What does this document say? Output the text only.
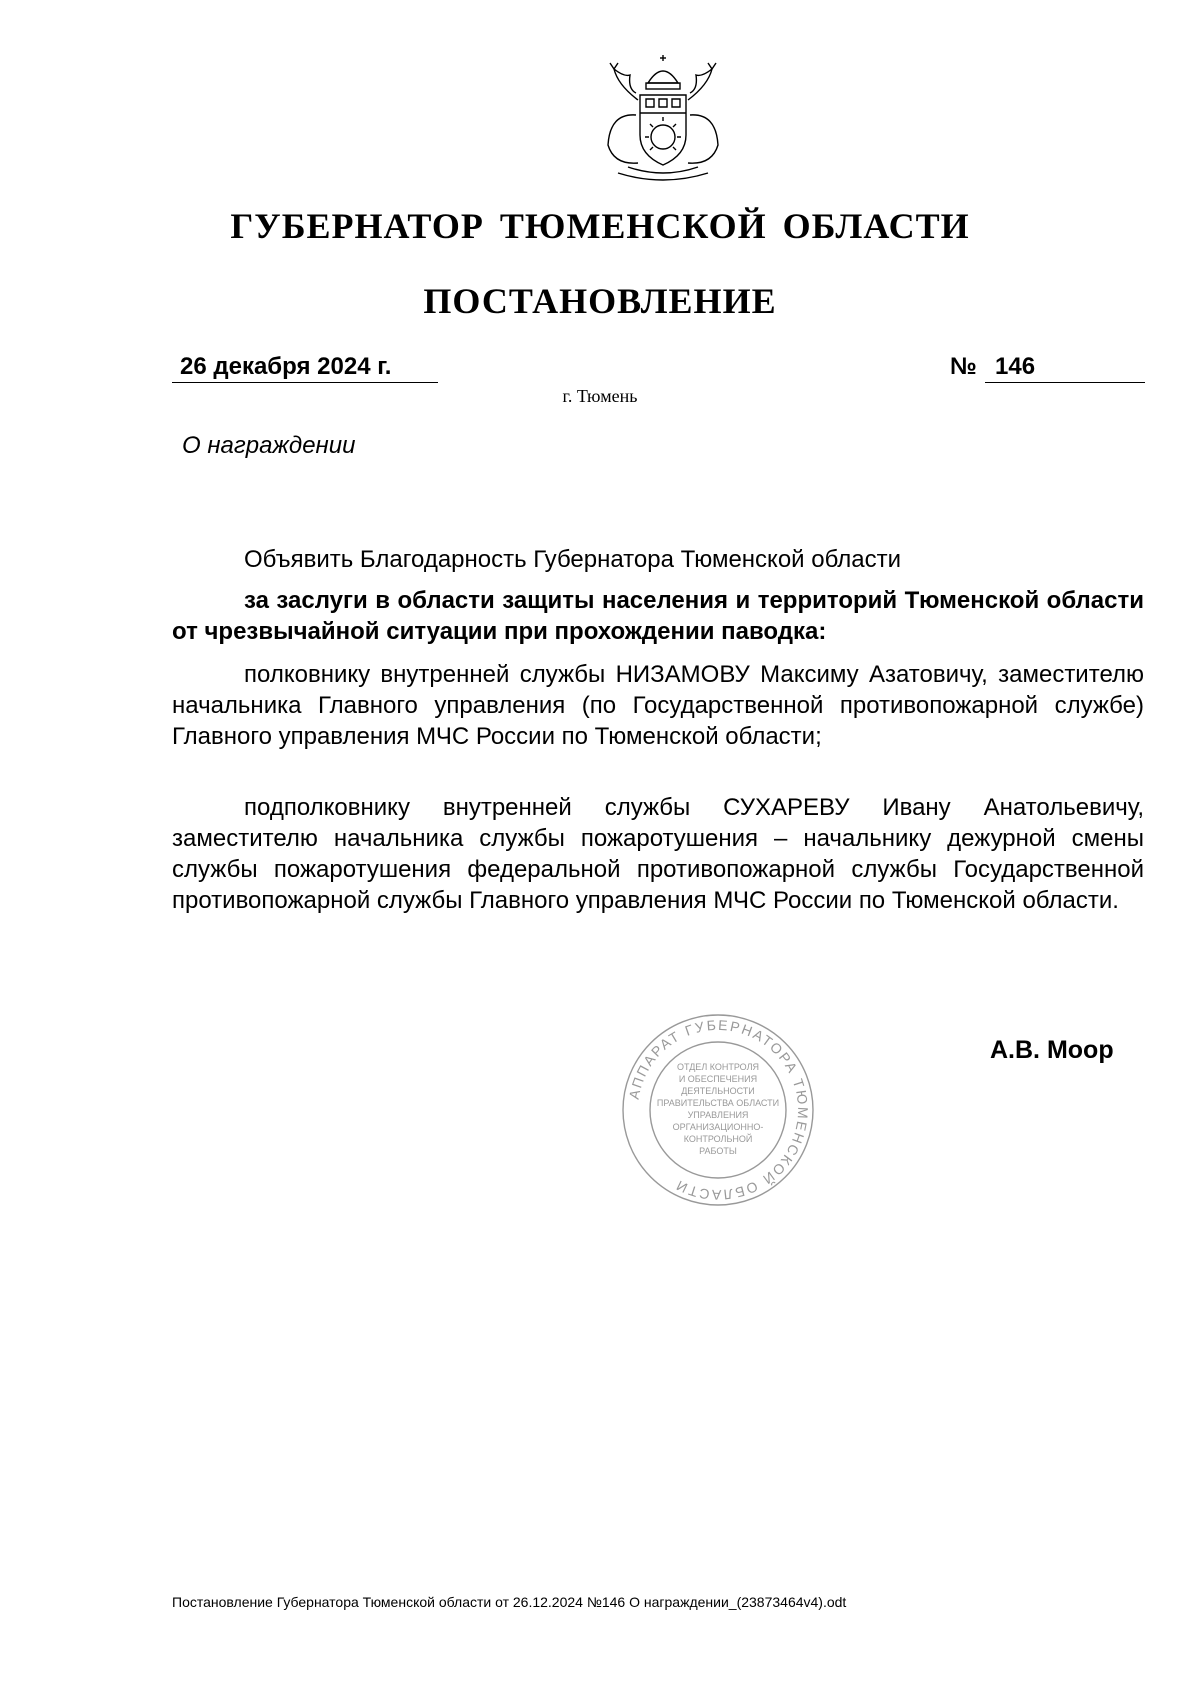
ГУБЕРНАТОР ТЮМЕНСКОЙ ОБЛАСТИ
ПОСТАНОВЛЕНИЕ
26 декабря 2024 г.	№ 146
г. Тюмень
О награждении

Объявить Благодарность Губернатора Тюменской области

за заслуги в области защиты населения и территорий Тюменской области от чрезвычайной ситуации при прохождении паводка:

полковнику внутренней службы НИЗАМОВУ Максиму Азатовичу, заместителю начальника Главного управления (по Государственной противопожарной службе) Главного управления МЧС России по Тюменской области;

подполковнику внутренней службы СУХАРЕВУ Ивану Анатольевичу, заместителю начальника службы пожаротушения – начальнику дежурной смены службы пожаротушения федеральной противопожарной службы Государственной противопожарной службы Главного управления МЧС России по Тюменской области.

АППАРАТ ГУБЕРНАТОРА ТЮМЕНСКОЙ ОБЛАСТИ
ОТДЕЛ КОНТРОЛЯ
И ОБЕСПЕЧЕНИЯ
ДЕЯТЕЛЬНОСТИ
ПРАВИТЕЛЬСТВА ОБЛАСТИ
УПРАВЛЕНИЯ
ОРГАНИЗАЦИОННО-
КОНТРОЛЬНОЙ
РАБОТЫ
А.В. Моор
Постановление Губернатора Тюменской области от 26.12.2024 №146 О награждении_(23873464v4).odt
